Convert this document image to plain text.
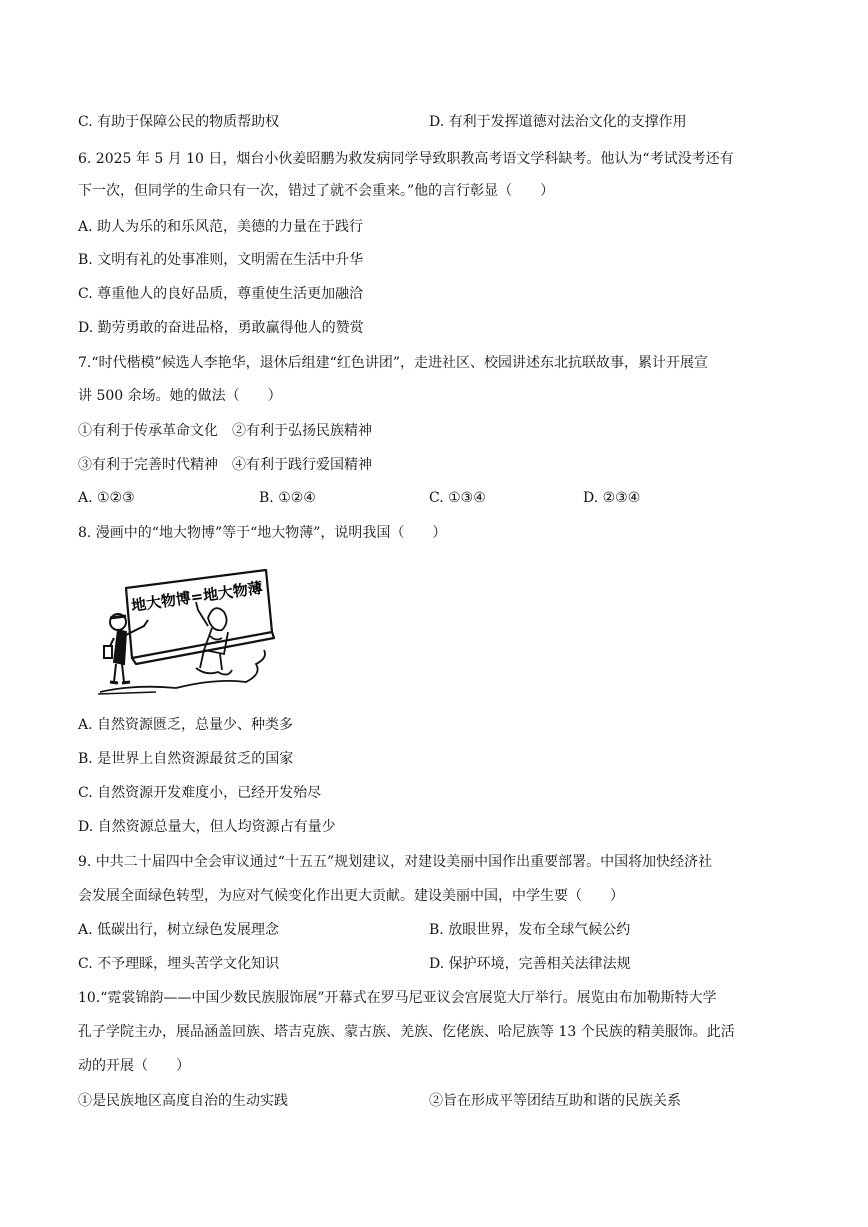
C. 有助于保障公民的物质帮助权	D. 有利于发挥道德对法治文化的支撑作用
6. 2025 年 5 月 10 日，烟台小伙姜昭鹏为救发病同学导致职教高考语文学科缺考。他认为“考试没考还有
下一次，但同学的生命只有一次，错过了就不会重来。”他的言行彰显（　　）
A. 助人为乐的和乐风范，美德的力量在于践行
B. 文明有礼的处事准则，文明需在生活中升华
C. 尊重他人的良好品质，尊重使生活更加融洽
D. 勤劳勇敢的奋进品格，勇敢赢得他人的赞赏
7.“时代楷模”候选人李艳华，退休后组建“红色讲团”，走进社区、校园讲述东北抗联故事，累计开展宣
讲 500 余场。她的做法（　　）
①有利于传承革命文化　②有利于弘扬民族精神
③有利于完善时代精神　④有利于践行爱国精神
A. ①②③	B. ①②④	C. ①③④	D. ②③④
8. 漫画中的“地大物博”等于“地大物薄”，说明我国（　　）
地大物博=地大物薄
A. 自然资源匮乏，总量少、种类多
B. 是世界上自然资源最贫乏的国家
C. 自然资源开发难度小，已经开发殆尽
D. 自然资源总量大，但人均资源占有量少
9. 中共二十届四中全会审议通过“十五五”规划建议，对建设美丽中国作出重要部署。中国将加快经济社
会发展全面绿色转型，为应对气候变化作出更大贡献。建设美丽中国，中学生要（　　）
A. 低碳出行，树立绿色发展理念	B. 放眼世界，发布全球气候公约
C. 不予理睬，埋头苦学文化知识	D. 保护环境，完善相关法律法规
10.“霓裳锦韵——中国少数民族服饰展”开幕式在罗马尼亚议会宫展览大厅举行。展览由布加勒斯特大学
孔子学院主办，展品涵盖回族、塔吉克族、蒙古族、羌族、仡佬族、哈尼族等 13 个民族的精美服饰。此活
动的开展（　　）
①是民族地区高度自治的生动实践	②旨在形成平等团结互助和谐的民族关系
